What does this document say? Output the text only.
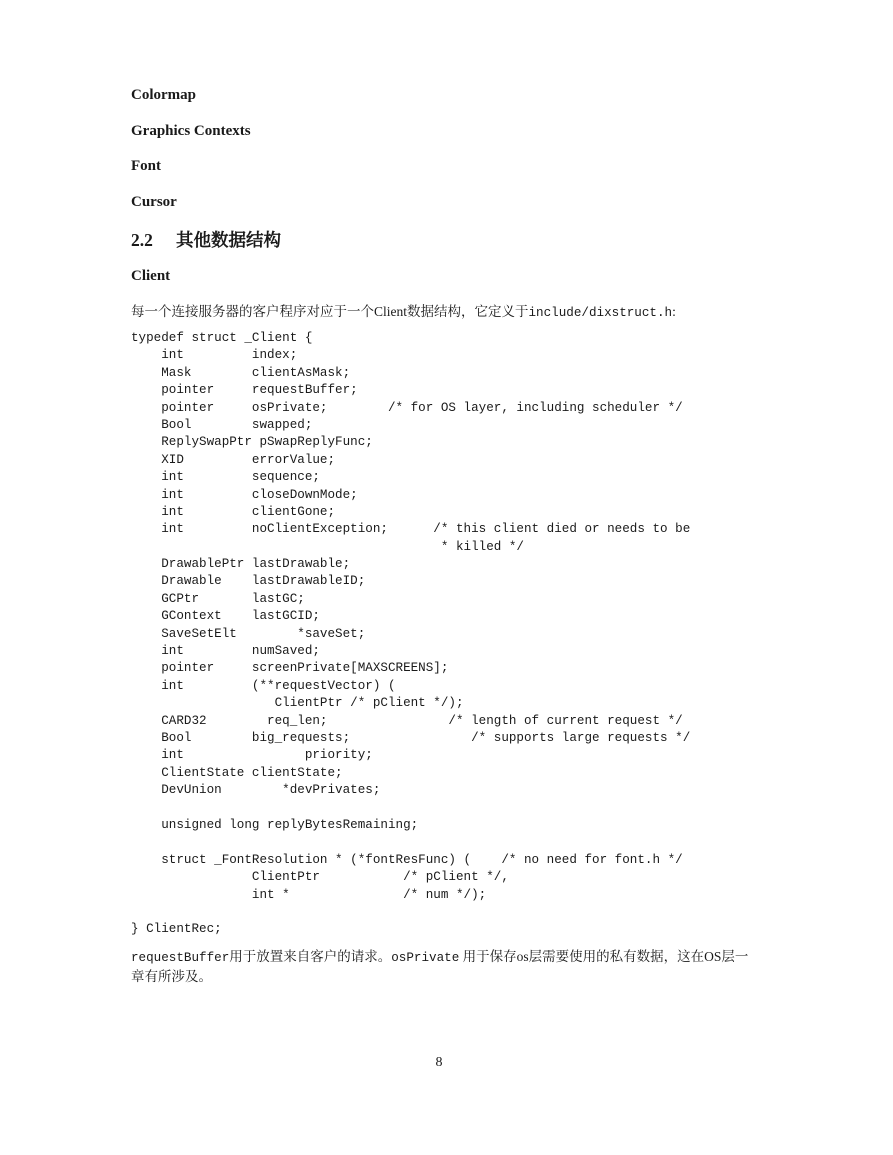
Colormap
Graphics Contexts
Font
Cursor
2.2 其他数据结构
Client

每一个连接服务器的客户程序对应于一个Client数据结构，它定义于include/dixstruct.h:

typedef struct _Client {
int         index;
Mask        clientAsMask;
pointer     requestBuffer;
pointer     osPrivate;        /* for OS layer, including scheduler */
Bool        swapped;
ReplySwapPtr pSwapReplyFunc;
XID         errorValue;
int         sequence;
int         closeDownMode;
int         clientGone;
int         noClientException;      /* this client died or needs to be
* killed */
DrawablePtr lastDrawable;
Drawable    lastDrawableID;
GCPtr       lastGC;
GContext    lastGCID;
SaveSetElt        *saveSet;
int         numSaved;
pointer     screenPrivate[MAXSCREENS];
int         (**requestVector) (
ClientPtr /* pClient */);
CARD32        req_len;                /* length of current request */
Bool        big_requests;                /* supports large requests */
int                priority;
ClientState clientState;
DevUnion        *devPrivates;
unsigned long replyBytesRemaining;
struct _FontResolution * (*fontResFunc) (    /* no need for font.h */
ClientPtr           /* pClient */,
int *               /* num */);
} ClientRec;

requestBuffer用于放置来自客户的请求。osPrivate 用于保存os层需要使用的私有数据，这在OS层一章有所涉及。

8
